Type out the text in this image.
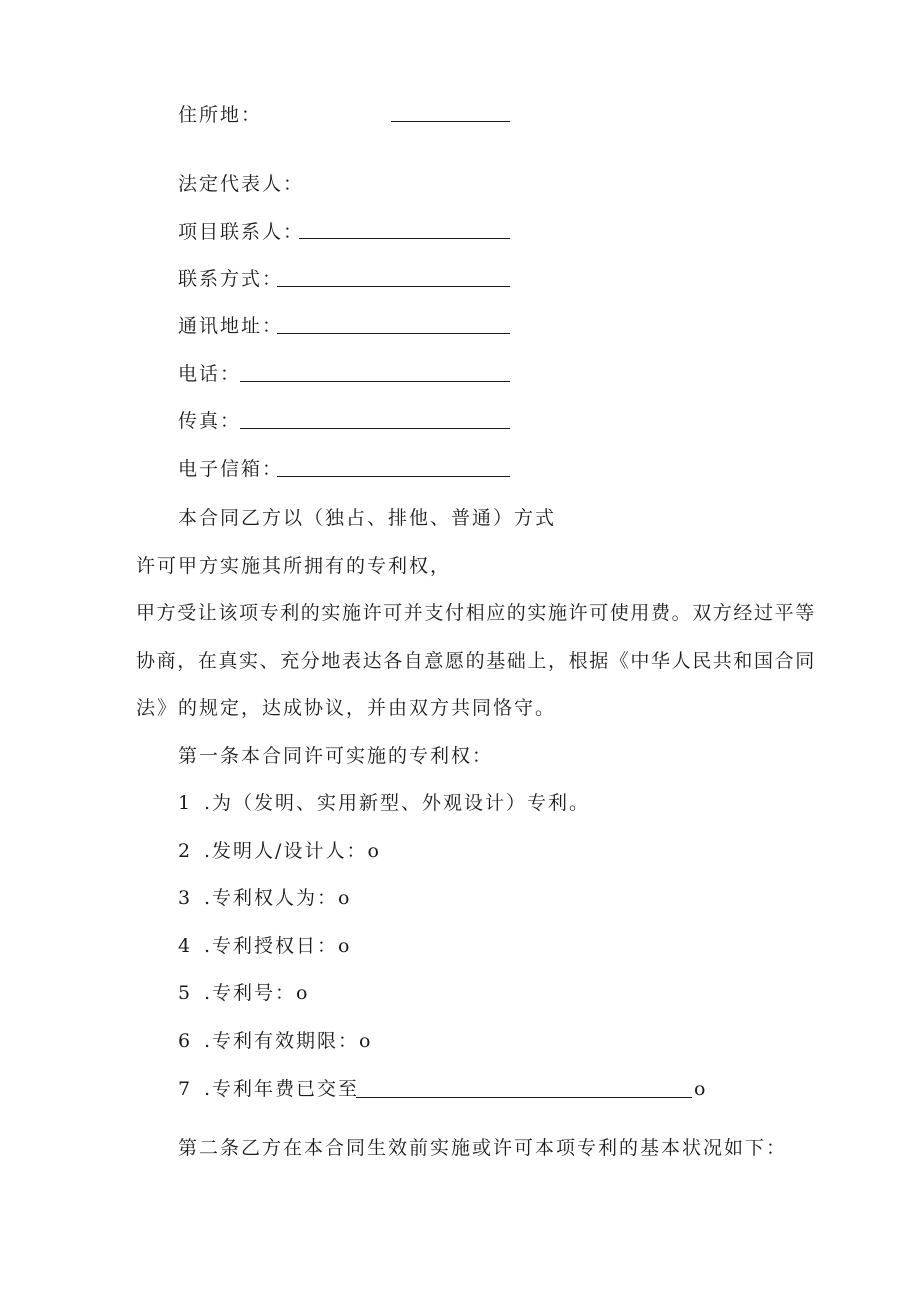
住所地：
法定代表人：
项目联系人：
联系方式：
通讯地址：
电话：
传真：
电子信箱：
本合同乙方以（独占、排他、普通）方式
许可甲方实施其所拥有的专利权，
甲方受让该项专利的实施许可并支付相应的实施许可使用费。双方经过平等
协商，在真实、充分地表达各自意愿的基础上，根据《中华人民共和国合同
法》的规定，达成协议，并由双方共同恪守。
第一条本合同许可实施的专利权：
1 .为（发明、实用新型、外观设计）专利。
2 .发明人/设计人：o
3 .专利权人为：o
4 .专利授权日：o
5 .专利号：o
6 .专利有效期限：o
7 .专利年费已交至	o
第二条乙方在本合同生效前实施或许可本项专利的基本状况如下：
